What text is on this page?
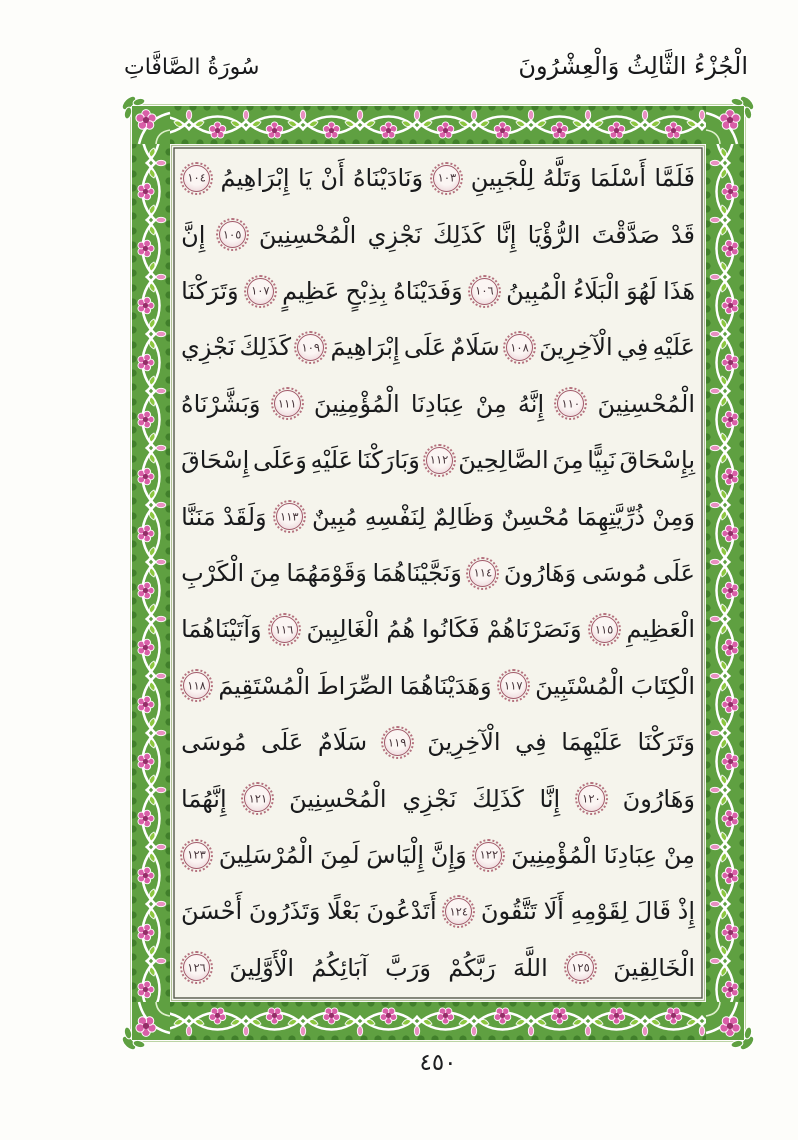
الْجُزْءُ الثَّالِثُ وَالْعِشْرُونَ
سُورَةُ الصَّافَّاتِ
فَلَمَّا
أَسْلَمَا
وَتَلَّهُ
لِلْجَبِينِ
١٠٣
وَنَادَيْنَاهُ
أَنْ
يَا
إِبْرَاهِيمُ
١٠٤
قَدْ
صَدَّقْتَ
الرُّؤْيَا
إِنَّا
كَذَلِكَ
نَجْزِي
الْمُحْسِنِينَ
١٠٥
إِنَّ
هَذَا
لَهُوَ
الْبَلَاءُ
الْمُبِينُ
١٠٦
وَفَدَيْنَاهُ
بِذِبْحٍ
عَظِيمٍ
١٠٧
وَتَرَكْنَا
عَلَيْهِ
فِي
الْآخِرِينَ
١٠٨
سَلَامٌ
عَلَى
إِبْرَاهِيمَ
١٠٩
كَذَلِكَ
نَجْزِي
الْمُحْسِنِينَ
١١٠
إِنَّهُ
مِنْ
عِبَادِنَا
الْمُؤْمِنِينَ
١١١
وَبَشَّرْنَاهُ
بِإِسْحَاقَ
نَبِيًّا
مِنَ
الصَّالِحِينَ
١١٢
وَبَارَكْنَا
عَلَيْهِ
وَعَلَى
إِسْحَاقَ
وَمِنْ
ذُرِّيَّتِهِمَا
مُحْسِنٌ
وَظَالِمٌ
لِنَفْسِهِ
مُبِينٌ
١١٣
وَلَقَدْ
مَنَنَّا
عَلَى
مُوسَى
وَهَارُونَ
١١٤
وَنَجَّيْنَاهُمَا
وَقَوْمَهُمَا
مِنَ
الْكَرْبِ
الْعَظِيمِ
١١٥
وَنَصَرْنَاهُمْ
فَكَانُوا
هُمُ
الْغَالِبِينَ
١١٦
وَآتَيْنَاهُمَا
الْكِتَابَ
الْمُسْتَبِينَ
١١٧
وَهَدَيْنَاهُمَا
الصِّرَاطَ
الْمُسْتَقِيمَ
١١٨
وَتَرَكْنَا
عَلَيْهِمَا
فِي
الْآخِرِينَ
١١٩
سَلَامٌ
عَلَى
مُوسَى
وَهَارُونَ
١٢٠
إِنَّا
كَذَلِكَ
نَجْزِي
الْمُحْسِنِينَ
١٢١
إِنَّهُمَا
مِنْ
عِبَادِنَا
الْمُؤْمِنِينَ
١٢٢
وَإِنَّ
إِلْيَاسَ
لَمِنَ
الْمُرْسَلِينَ
١٢٣
إِذْ
قَالَ
لِقَوْمِهِ
أَلَا
تَتَّقُونَ
١٢٤
أَتَدْعُونَ
بَعْلًا
وَتَذَرُونَ
أَحْسَنَ
الْخَالِقِينَ
١٢٥
اللَّهَ
رَبَّكُمْ
وَرَبَّ
آبَائِكُمُ
الْأَوَّلِينَ
١٢٦
٤٥٠
